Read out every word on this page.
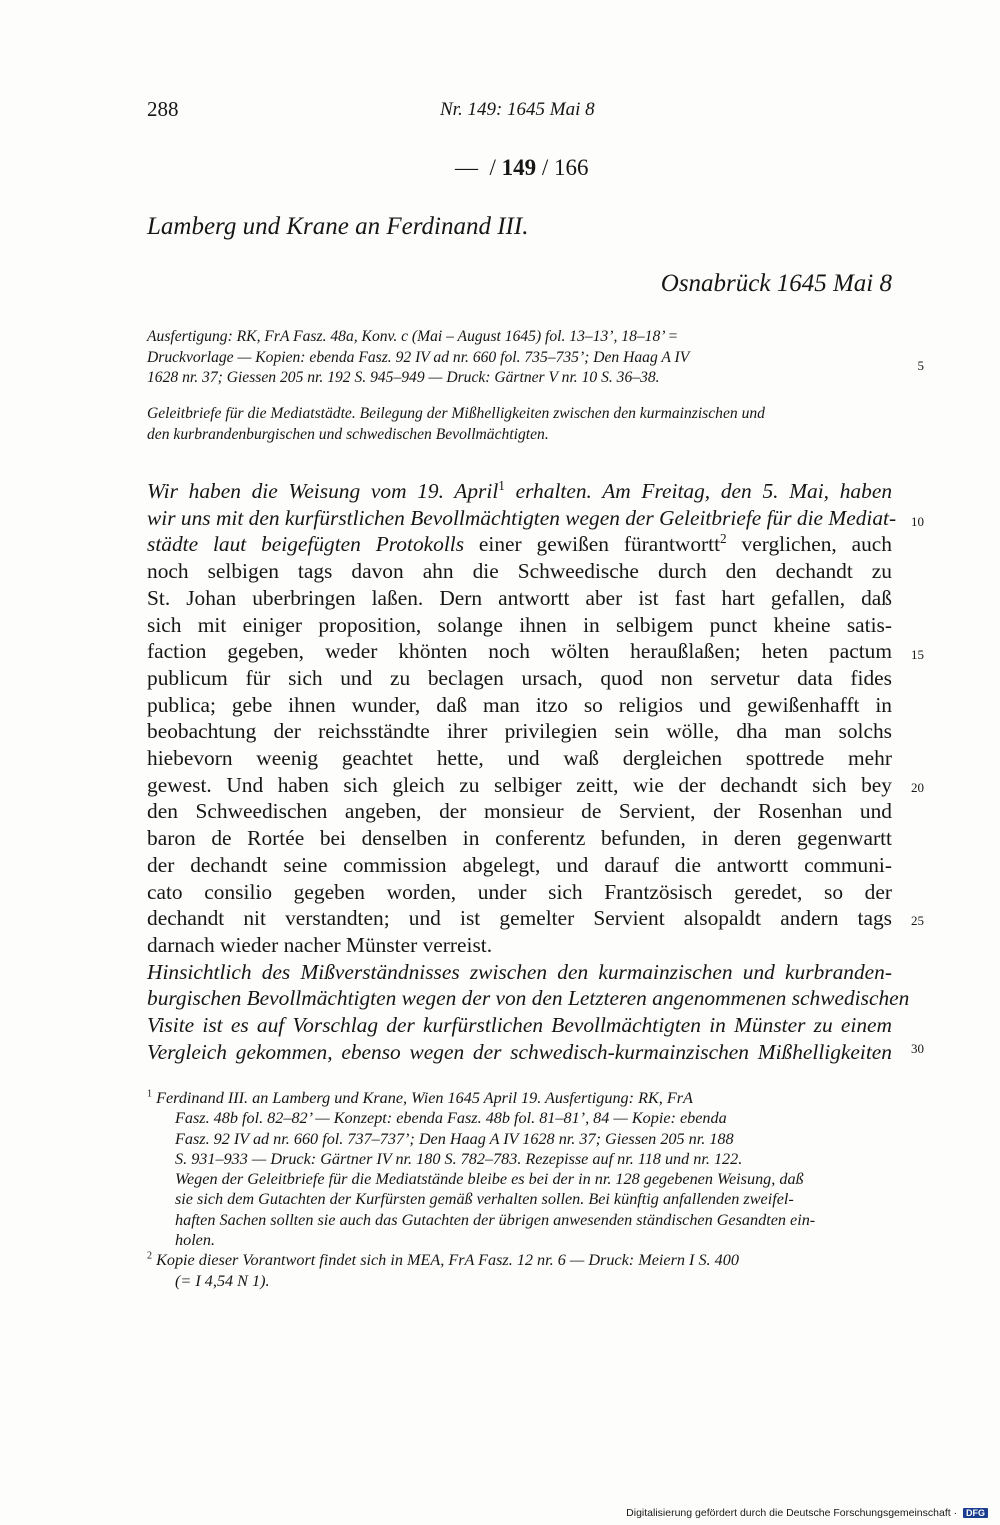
288	Nr. 149: 1645 Mai 8
— / 149 / 166
Lamberg und Krane an Ferdinand III.
Osnabrück 1645 Mai 8
Ausfertigung: RK, FrA Fasz. 48a, Konv. c (Mai – August 1645) fol. 13–13’, 18–18’ =
Druckvorlage — Kopien: ebenda Fasz. 92 IV ad nr. 660 fol. 735–735’; Den Haag A IV
1628 nr. 37; Giessen 205 nr. 192 S. 945–949 — Druck: Gärtner V nr. 10 S. 36–38.
Geleitbriefe für die Mediatstädte. Beilegung der Mißhelligkeiten zwischen den kurmainzischen und
den kurbrandenburgischen und schwedischen Bevollmächtigten.
Wir haben die Weisung vom 19. April$^1$ erhalten. Am Freitag, den 5. Mai, haben
wir uns mit den kurfürstlichen Bevollmächtigten wegen der Geleitbriefe für die Mediat-
städte laut beigefügten Protokolls einer gewißen fürantwortt$^2$ verglichen, auch
noch selbigen tags davon ahn die Schweedische durch den dechandt zu
St. Johan uberbringen laßen. Dern antwortt aber ist fast hart gefallen, daß
sich mit einiger proposition, solange ihnen in selbigem punct kheine satis-
faction gegeben, weder khönten noch wölten heraußlaßen; heten pactum
publicum für sich und zu beclagen ursach, quod non servetur data fides
publica; gebe ihnen wunder, daß man itzo so religios und gewißenhafft in
beobachtung der reichsständte ihrer privilegien sein wölle, dha man solchs
hiebevorn weenig geachtet hette, und waß dergleichen spottrede mehr
gewest. Und haben sich gleich zu selbiger zeitt, wie der dechandt sich bey
den Schweedischen angeben, der monsieur de Servient, der Rosenhan und
baron de Rortée bei denselben in conferentz befunden, in deren gegenwartt
der dechandt seine commission abgelegt, und darauf die antwortt communi-
cato consilio gegeben worden, under sich Frantzösisch geredet, so der
dechandt nit verstandten; und ist gemelter Servient alsopaldt andern tags
darnach wieder nacher Münster verreist.
Hinsichtlich des Mißverständnisses zwischen den kurmainzischen und kurbranden-
burgischen Bevollmächtigten wegen der von den Letzteren angenommenen schwedischen
Visite ist es auf Vorschlag der kurfürstlichen Bevollmächtigten in Münster zu einem
Vergleich gekommen, ebenso wegen der schwedisch-kurmainzischen Mißhelligkeiten
5
10
15
20
25
30
$^1$ Ferdinand III. an Lamberg und Krane, Wien 1645 April 19. Ausfertigung: RK, FrA
Fasz. 48b fol. 82–82’ — Konzept: ebenda Fasz. 48b fol. 81–81’, 84 — Kopie: ebenda
Fasz. 92 IV ad nr. 660 fol. 737–737’; Den Haag A IV 1628 nr. 37; Giessen 205 nr. 188
S. 931–933 — Druck: Gärtner IV nr. 180 S. 782–783. Rezepisse auf nr. 118 und nr. 122.
Wegen der Geleitbriefe für die Mediatstände bleibe es bei der in nr. 128 gegebenen Weisung, daß
sie sich dem Gutachten der Kurfürsten gemäß verhalten sollen. Bei künftig anfallenden zweifel-
haften Sachen sollten sie auch das Gutachten der übrigen anwesenden ständischen Gesandten ein-
holen.
$^2$ Kopie dieser Vorantwort findet sich in MEA, FrA Fasz. 12 nr. 6 — Druck: Meiern I S. 400
(= I 4,54 N 1).
Digitalisierung gefördert durch die Deutsche Forschungsgemeinschaft · DFG
